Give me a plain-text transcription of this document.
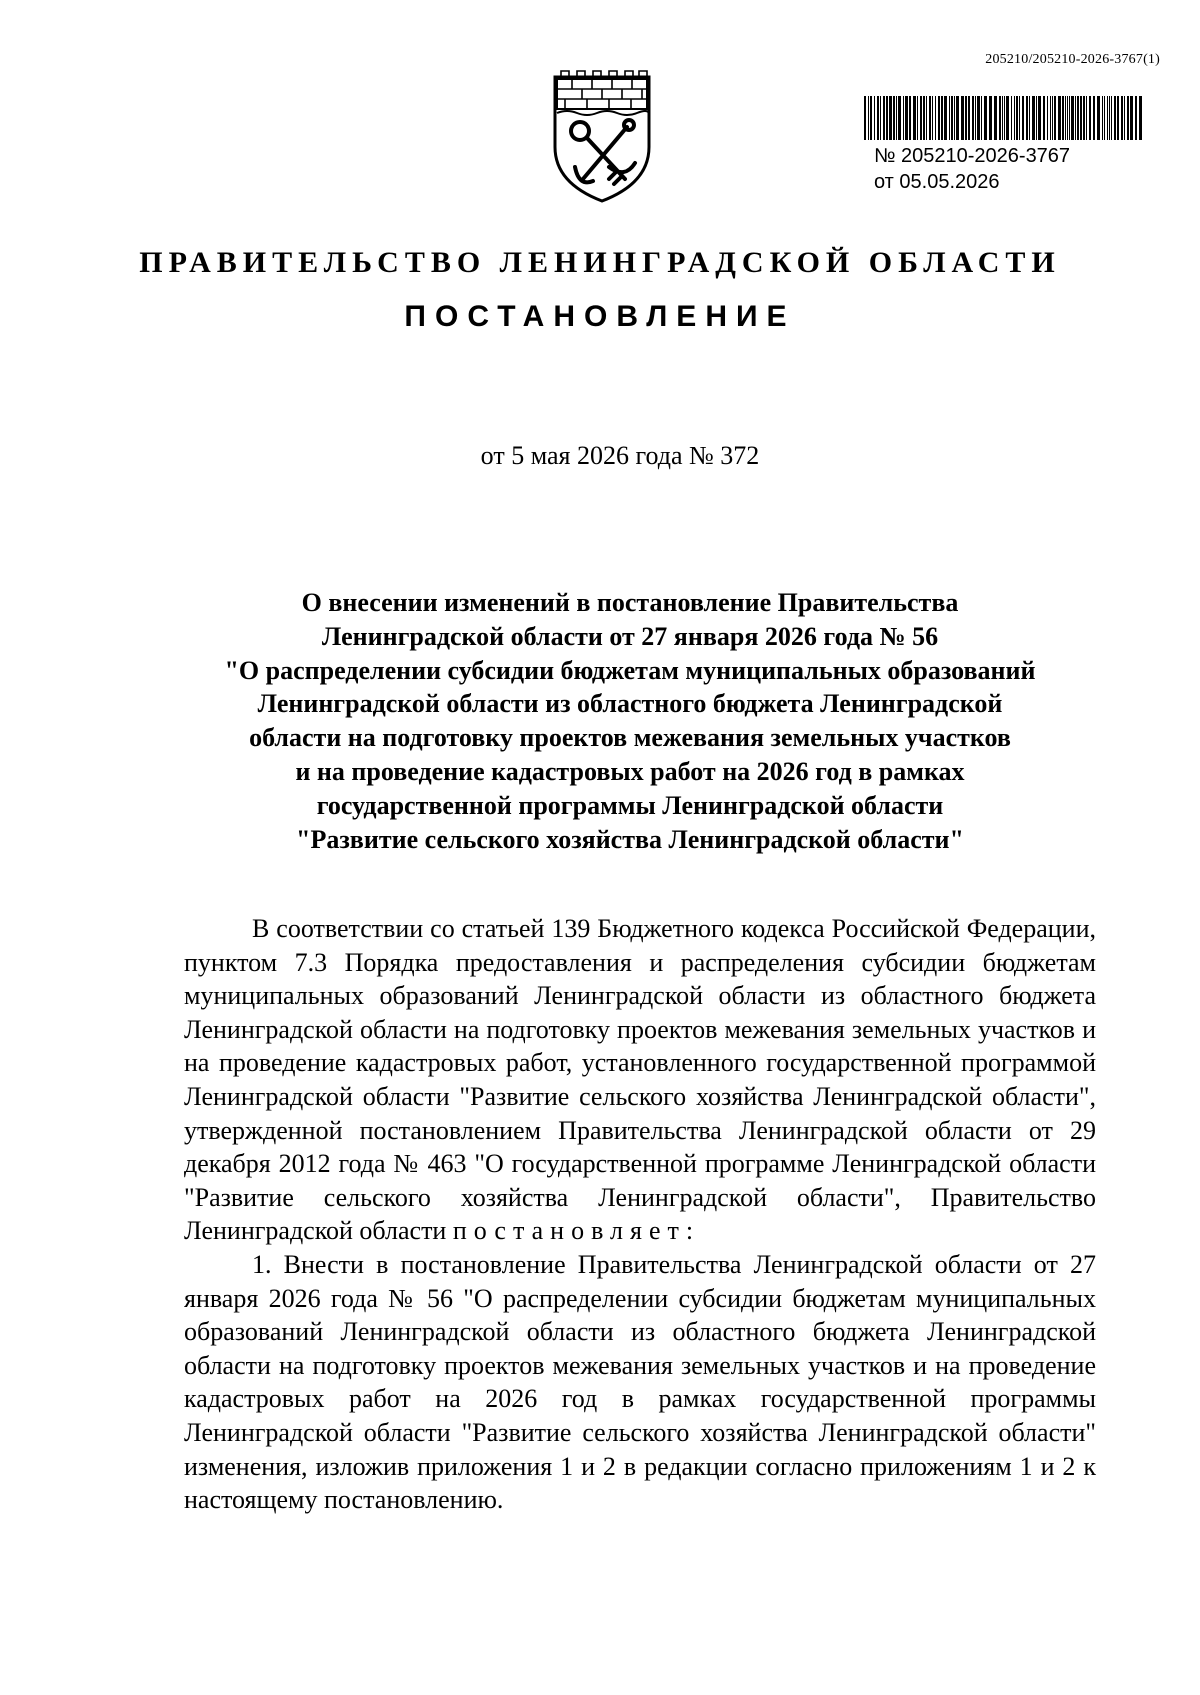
205210/205210-2026-3767(1)
№ 205210-2026-3767
от 05.05.2026
ПРАВИТЕЛЬСТВО ЛЕНИНГРАДСКОЙ ОБЛАСТИ
ПОСТАНОВЛЕНИЕ
от 5 мая 2026 года № 372
О внесении изменений в постановление Правительства
Ленинградской области от 27 января 2026 года № 56
"О распределении субсидии бюджетам муниципальных образований
Ленинградской области из областного бюджета Ленинградской
области на подготовку проектов межевания земельных участков
и на проведение кадастровых работ на 2026 год в рамках
государственной программы Ленинградской области
"Развитие сельского хозяйства Ленинградской области"

В соответствии со статьей 139 Бюджетного кодекса Российской Федерации, пунктом 7.3 Порядка предоставления и распределения субсидии бюджетам муниципальных образований Ленинградской области из областного бюджета Ленинградской области на подготовку проектов межевания земельных участков и на проведение кадастровых работ, установленного государственной программой Ленинградской области "Развитие сельского хозяйства Ленинградской области", утвержденной постановлением Правительства Ленинградской области от 29 декабря 2012 года № 463 "О государственной программе Ленинградской области "Развитие сельского хозяйства Ленинградской области", Правительство Ленинградской области постановляет:

1. Внести в постановление Правительства Ленинградской области от 27 января 2026 года № 56 "О распределении субсидии бюджетам муниципальных образований Ленинградской области из областного бюджета Ленинградской области на подготовку проектов межевания земельных участков и на проведение кадастровых работ на 2026 год в рамках государственной программы Ленинградской области "Развитие сельского хозяйства Ленинградской области" изменения, изложив приложения 1 и 2 в редакции согласно приложениям 1 и 2 к настоящему постановлению.
